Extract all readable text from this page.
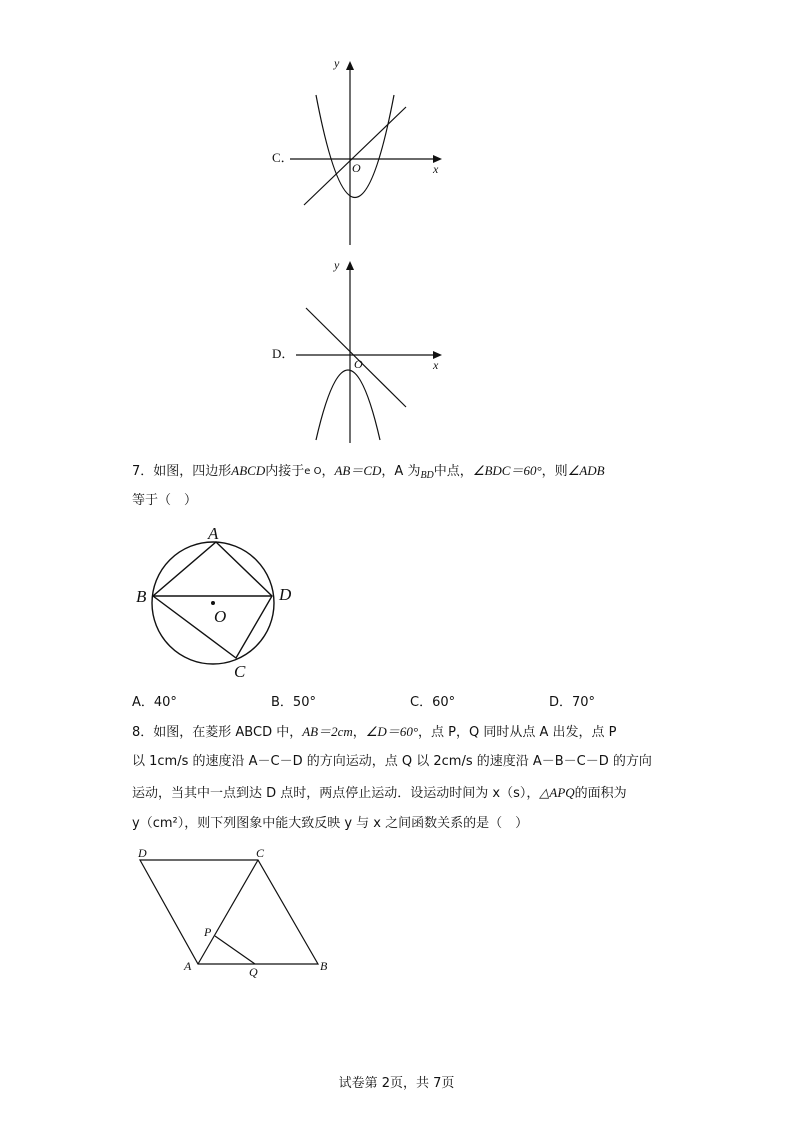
C．
y
x
O
D．
y
x
O
7．如图，四边形ABCD内接于e O，AB＝CD，A 为$_{BD}$中点，∠BDC＝60°，则∠ADB
等于（　）
A
B
C
D
O
A．40°	B．50°	C．60°	D．70°
8．如图，在菱形 ABCD 中，AB＝2cm，∠D＝60°，点 P，Q 同时从点 A 出发，点 P
以 1cm/s 的速度沿 A－C－D 的方向运动，点 Q 以 2cm/s 的速度沿 A－B－C－D 的方向
运动，当其中一点到达 D 点时，两点停止运动．设运动时间为 x（s），△APQ的面积为
y（cm²），则下列图象中能大致反映 y 与 x 之间函数关系的是（　）
D	C
A	B
P
Q
试卷第 2页，共 7页
